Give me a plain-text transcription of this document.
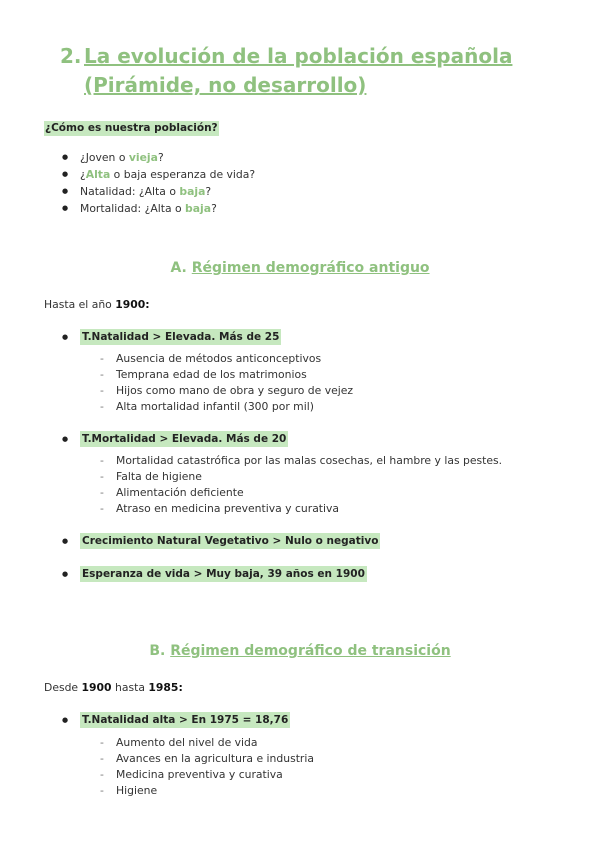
2. La evolución de la población española
(Pirámide, no desarrollo)
¿Cómo es nuestra población?
● ¿Joven o vieja?
● ¿Alta o baja esperanza de vida?
● Natalidad: ¿Alta o baja?
● Mortalidad: ¿Alta o baja?
A. Régimen demográfico antiguo
Hasta el año 1900:
● T.Natalidad > Elevada. Más de 25
- Ausencia de métodos anticonceptivos
- Temprana edad de los matrimonios
- Hijos como mano de obra y seguro de vejez
- Alta mortalidad infantil (300 por mil)
● T.Mortalidad > Elevada. Más de 20
- Mortalidad catastrófica por las malas cosechas, el hambre y las pestes.
- Falta de higiene
- Alimentación deficiente
- Atraso en medicina preventiva y curativa
● Crecimiento Natural Vegetativo > Nulo o negativo
● Esperanza de vida > Muy baja, 39 años en 1900
B. Régimen demográfico de transición
Desde 1900 hasta 1985:
● T.Natalidad alta > En 1975 = 18,76
- Aumento del nivel de vida
- Avances en la agricultura e industria
- Medicina preventiva y curativa
- Higiene
